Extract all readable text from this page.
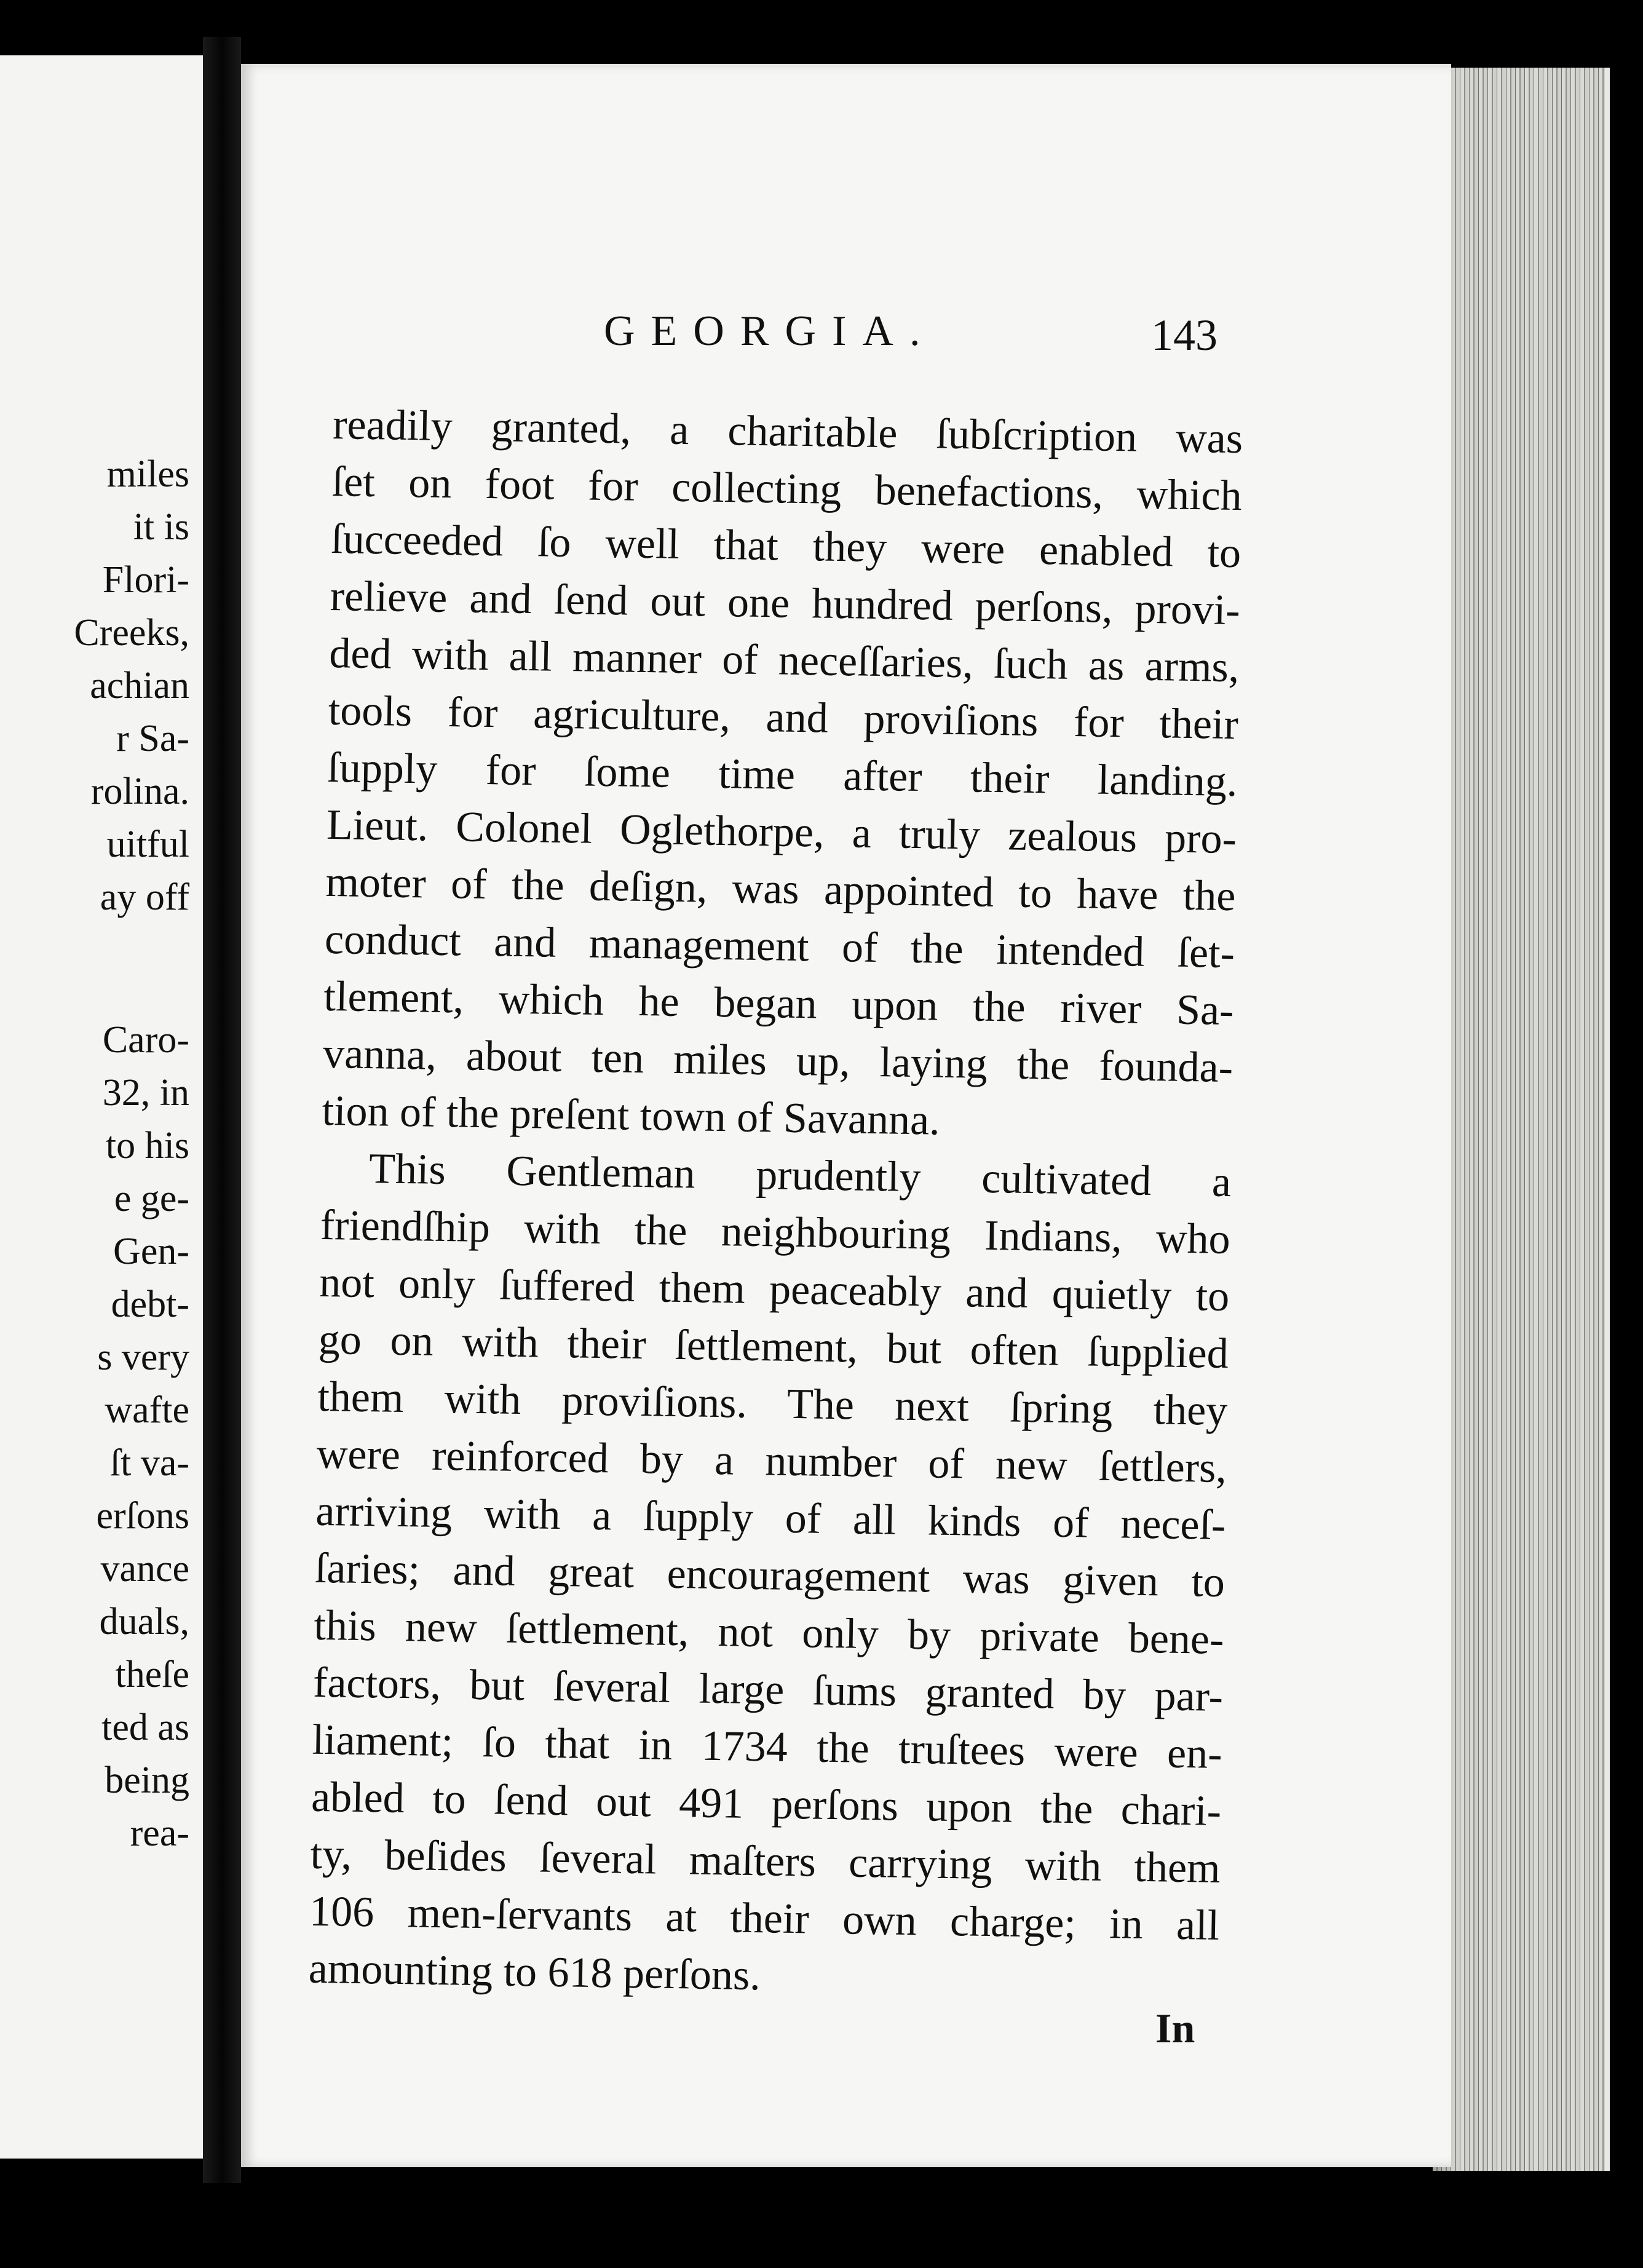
miles
it is
Flori-
Creeks,
achian
r Sa-
rolina.
uitful
ay off
Caro-
32, in
to his
e ge-
Gen-
debt-
s very
wafte
ſt va-
erſons
vance
duals,
theſe
ted as
being
rea-
GEORGIA.	143
readily granted, a charitable ſubſcription was
ſet on foot for collecting benefactions, which
ſucceeded ſo well that they were enabled to
relieve and ſend out one hundred perſons, provi-
ded with all manner of neceſſaries, ſuch as arms,
tools for agriculture, and proviſions for their
ſupply for ſome time after their landing.
Lieut. Colonel Oglethorpe, a truly zealous pro-
moter of the deſign, was appointed to have the
conduct and management of the intended ſet-
tlement, which he began upon the river Sa-
vanna, about ten miles up, laying the founda-
tion of the preſent town of Savanna.
This Gentleman prudently cultivated a
friendſhip with the neighbouring Indians, who
not only ſuffered them peaceably and quietly to
go on with their ſettlement, but often ſupplied
them with proviſions. The next ſpring they
were reinforced by a number of new ſettlers,
arriving with a ſupply of all kinds of neceſ-
ſaries; and great encouragement was given to
this new ſettlement, not only by private bene-
factors, but ſeveral large ſums granted by par-
liament; ſo that in 1734 the truſtees were en-
abled to ſend out 491 perſons upon the chari-
ty, beſides ſeveral maſters carrying with them
106 men-ſervants at their own charge; in all
amounting to 618 perſons.
In
